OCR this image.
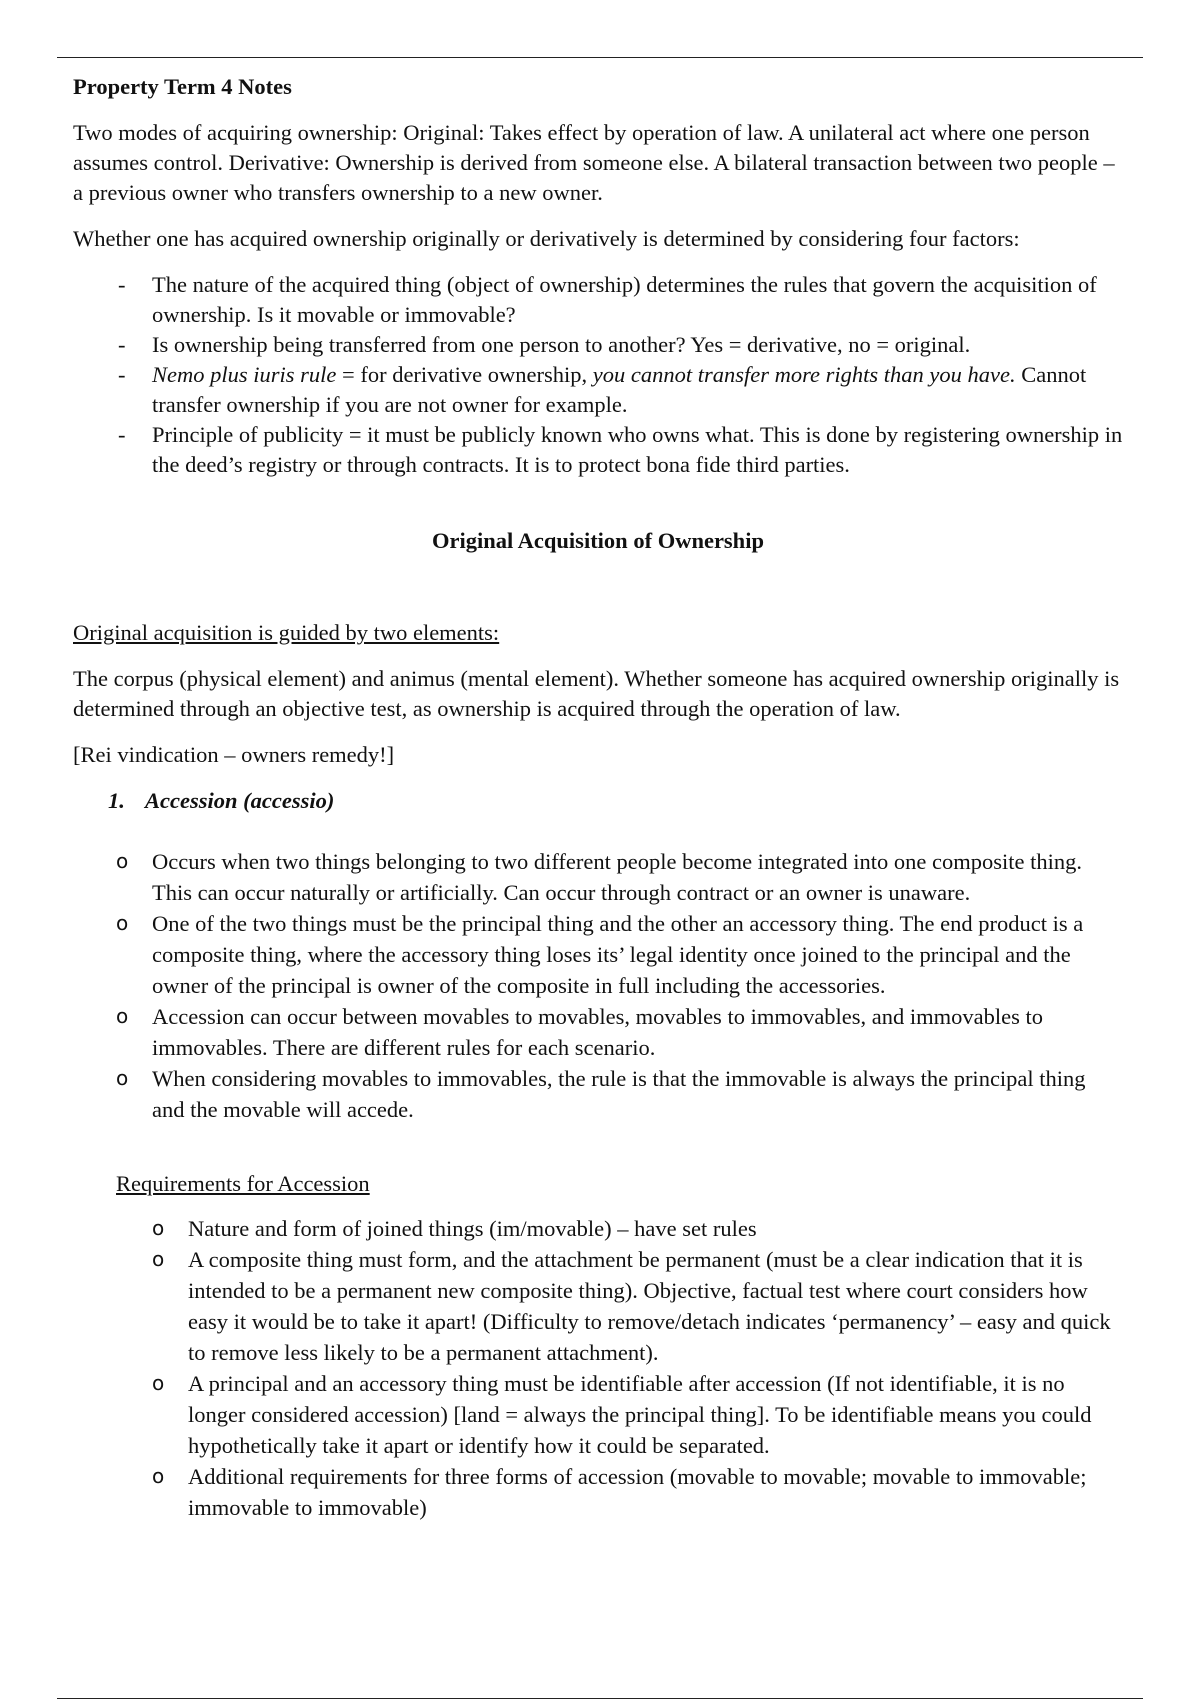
Property Term 4 Notes

Two modes of acquiring ownership: Original: Takes effect by operation of law. A unilateral act where one person assumes control. Derivative: Ownership is derived from someone else. A bilateral transaction between two people – a previous owner who transfers ownership to a new owner.

Whether one has acquired ownership originally or derivatively is determined by considering four factors:

- The nature of the acquired thing (object of ownership) determines the rules that govern the acquisition of ownership. Is it movable or immovable?
- Is ownership being transferred from one person to another? Yes = derivative, no = original.
- Nemo plus iuris rule = for derivative ownership, you cannot transfer more rights than you have. Cannot transfer ownership if you are not owner for example.
- Principle of publicity = it must be publicly known who owns what. This is done by registering ownership in the deed’s registry or through contracts. It is to protect bona fide third parties.

Original Acquisition of Ownership

Original acquisition is guided by two elements:

The corpus (physical element) and animus (mental element). Whether someone has acquired ownership originally is determined through an objective test, as ownership is acquired through the operation of law.

[Rei vindication – owners remedy!]

1. Accession (accessio)

o Occurs when two things belonging to two different people become integrated into one composite thing. This can occur naturally or artificially. Can occur through contract or an owner is unaware.
o One of the two things must be the principal thing and the other an accessory thing. The end product is a composite thing, where the accessory thing loses its’ legal identity once joined to the principal and the owner of the principal is owner of the composite in full including the accessories.
o Accession can occur between movables to movables, movables to immovables, and immovables to immovables. There are different rules for each scenario.
o When considering movables to immovables, the rule is that the immovable is always the principal thing and the movable will accede.

Requirements for Accession

o Nature and form of joined things (im/movable) – have set rules
o A composite thing must form, and the attachment be permanent (must be a clear indication that it is intended to be a permanent new composite thing). Objective, factual test where court considers how easy it would be to take it apart! (Difficulty to remove/detach indicates ‘permanency’ – easy and quick to remove less likely to be a permanent attachment).
o A principal and an accessory thing must be identifiable after accession (If not identifiable, it is no longer considered accession) [land = always the principal thing]. To be identifiable means you could hypothetically take it apart or identify how it could be separated.
o Additional requirements for three forms of accession (movable to movable; movable to immovable; immovable to immovable)
